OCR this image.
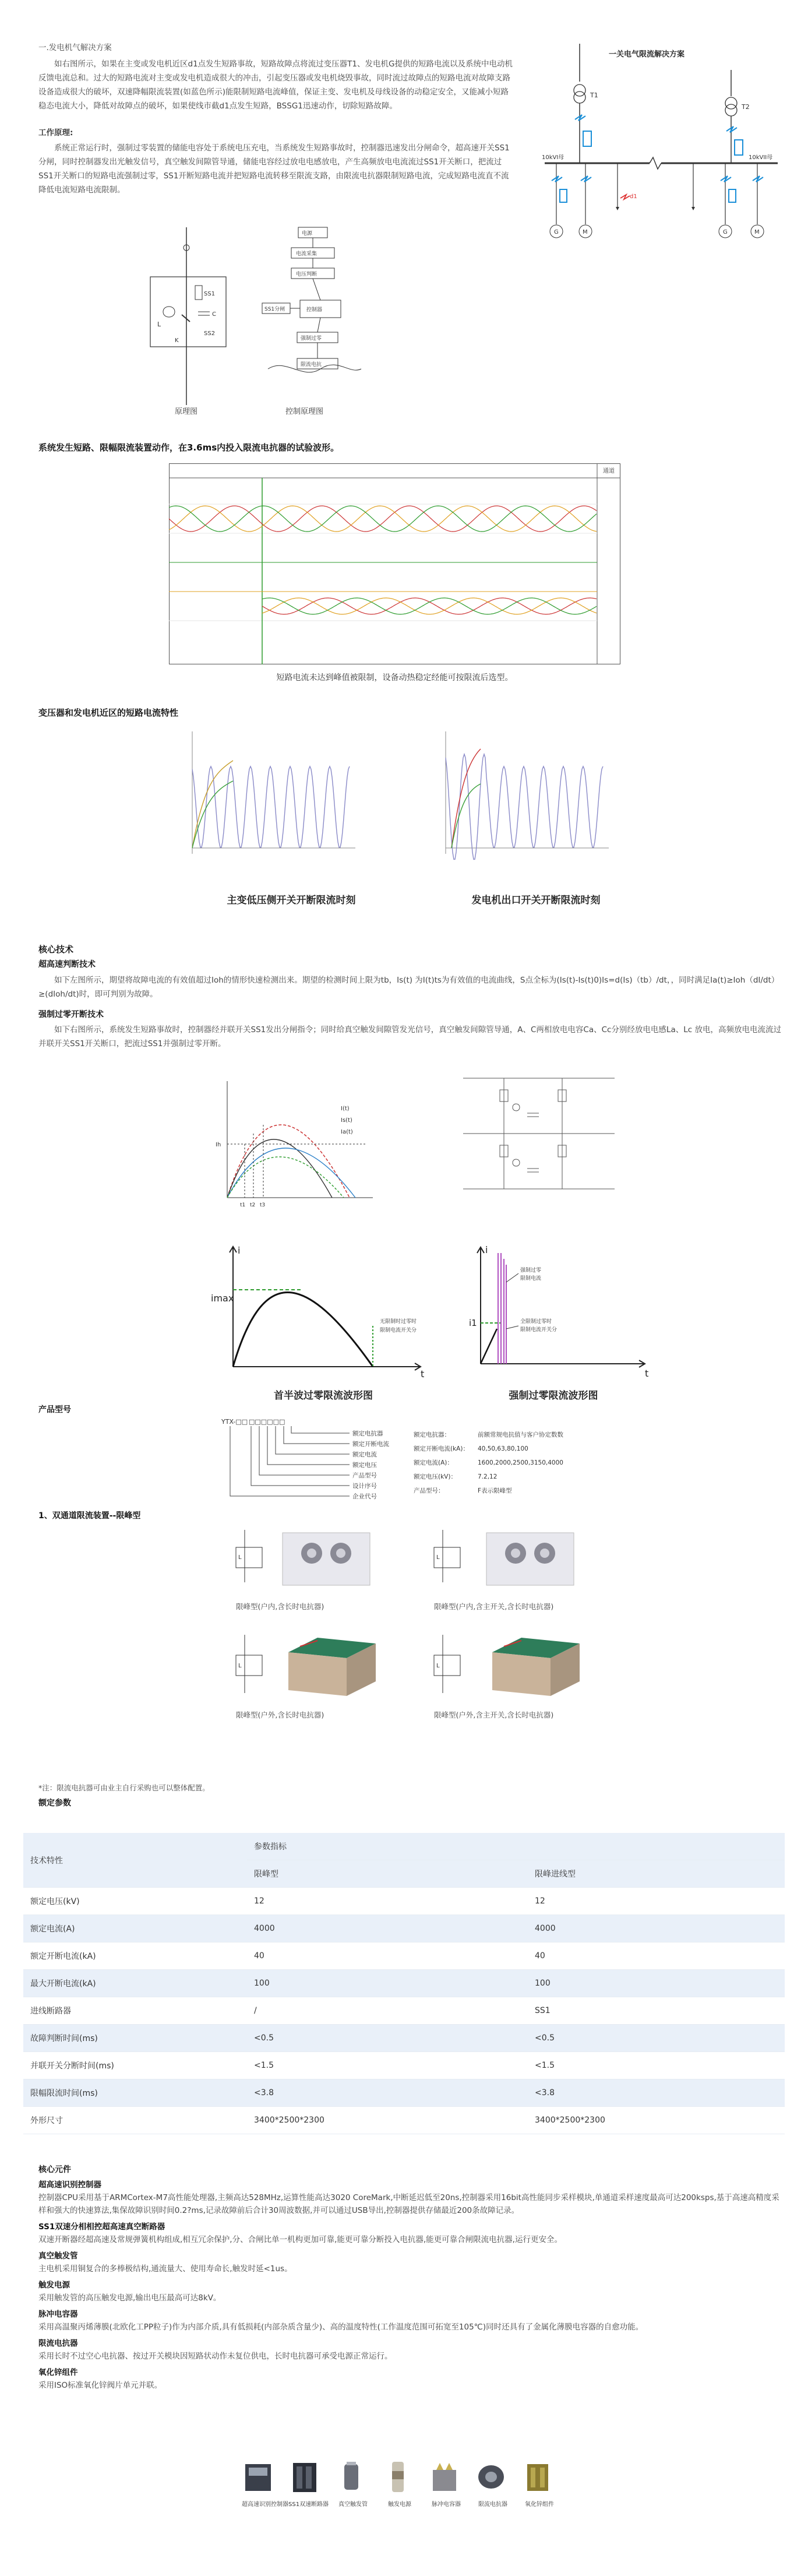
一.发电机气解决方案
如右图所示，如果在主变或发电机近区d1点发生短路事故，短路故障点将流过变压器T1、发电机G提供的短路电流以及系统中电动机反馈电流总和。过大的短路电流对主变或发电机造成很大的冲击，引起变压器或发电机烧毁事故，同时流过故障点的短路电流对故障支路设备造成很大的破坏，双速降幅限流装置(如蓝色所示)能限制短路电流峰值，保证主变、发电机及母线设备的动稳定安全，又能减小短路稳态电流大小，降低对故障点的破坏，如果使线市截d1点发生短路，BSSG1迅速动作，切除短路故障。
工作原理:
系统正常运行时，强制过零装置的储能电容处于系统电压充电，当系统发生短路事故时，控制器迅速发出分闸命令，超高速开关SS1分闸，同时控制器发出光触发信号，真空触发间隙管导通，储能电容经过放电电感放电，产生高频放电电流流过SS1开关断口，把流过SS1开关断口的短路电流强制过零，SS1开断短路电流并把短路电流转移至限流支路，由限流电抗器限制短路电流，完成短路电流直不流降低电流短路电流限制。
一关电气限流解决方案
T1
T2
10kVI母	10kVII母
G	M	G	M
d1
L
SS1
C
SS2
K
原理图
电源
电流采集
电压判断
SS1分闸	控制器
强制过零
限流电抗
控制原理图
系统发生短路、限幅限流装置动作，在3.6ms内投入限流电抗器的试验波形。
通道
短路电流未达到峰值被限制，设备动热稳定经能可按限流后选型。
变压器和发电机近区的短路电流特性
主变低压侧开关开断限流时刻	发电机出口开关开断限流时刻
核心技术
超高速判断技术
如下左图所示，期望将故障电流的有效值超过Ioh的情形快速检测出来。期望的检测时间上限为tb，Is(t) 为I(t)ts为有效值的电流曲线，S点全标为(Is(t)-Is(t)0)Is=d(Is)（tb）/dt，，同时满足Ia(t)≥Ioh（dI/dt）≥(dIoh/dt)时，即可判别为故障。
强制过零开断技术
如下右图所示，系统发生短路事故时，控制器经并联开关SS1发出分闸指令；同时给真空触发间隙管发光信号，真空触发间隙管导通，A、C两相放电电容Ca、Cc分别经放电电感La、Lc 放电，高频放电电流流过并联开关SS1开关断口，把流过SS1并强制过零开断。
I(t)
Is(t)
Ia(t)
Ih
t1 t2 t3
i
t
imax
无限制时过零时
限制电流开关分
首半波过零限流波形图
i
t
i1
强制过零
限制电流
全限制过零时
限制电流开关分
强制过零限流波形图
产品型号
YTX-□□ □□□□□□
额定电抗器
额定开断电流
额定电流
额定电压
产品型号
设计序号
企业代号
额定电抗器：	前额常规电抗值与客户协定数数
额定开断电流(kA)： 40,50,63,80,100
额定电流(A)：	1600,2000,2500,3150,4000
额定电压(kV)：	7.2,12
产品型号：	F表示限峰型
1、双通道限流装置--限峰型
L
限峰型(户内,含长时电抗器)
L
限峰型(户内,含主开关,含长时电抗器)
L
限峰型(户外,含长时电抗器)
L
限峰型(户外,含主开关,含长时电抗器)
*注：限流电抗器可由业主自行采购也可以整体配置。
额定参数
技术特性	参数指标	
	限峰型	限峰进线型
额定电压(kV)	12	12
额定电流(A)	4000	4000
额定开断电流(kA)	40	40
最大开断电流(kA)	100	100
进线断路器	/	SS1
故障判断时间(ms)	<0.5	<0.5
并联开关分断时间(ms)	<1.5	<1.5
限幅限流时间(ms)	<3.8	<3.8
外形尺寸	3400*2500*2300	3400*2500*2300
核心元件
超高速识别控制器
控制器CPU采用基于ARMCortex-M7高性能处理器,主频高达528MHz,运算性能高达3020 CoreMark,中断延迟低至20ns,控制器采用16bit高性能同步采样模块,单通道采样速度最高可达200ksps,基于高速高精度采样和强大的快速算法,集保故障识别时间0.2?ms,记录故障前后合计30周波数据,并可以通过USB导出,控制器提供存储最近200条故障记录。
SS1双速分相相控超高速真空断路器
双速开断器经超高速及常规弹簧机构组成,相互冗余保护,分、合闸比单一机构更加可靠,能更可靠分断投入电抗器,能更可靠合闸限流电抗器,运行更安全。
真空触发管
主电机采用铜复合的多棒极结构,通流量大、使用寿命长,触发时延<1us。
触发电源
采用触发管的高压触发电源,输出电压最高可达8kV。
脉冲电容器
采用高温聚丙烯薄膜(北欧化工PP粒子)作为内部介质,具有低损耗(内部杂质含量少)、高的温度特性(工作温度范围可拓宽至105℃)同时还具有了金属化薄膜电容器的自愈功能。
限流电抗器
采用长时不过空心电抗器、按过开关模块因短路状动作未复位供电，长时电抗器可承受电源正常运行。
氧化锌组件
采用ISO标准氧化锌阀片单元并联。
超高速识别控制器 SS1双速断路器	真空触发管	触发电源	脉冲电容器	限流电抗器	氧化锌组件
